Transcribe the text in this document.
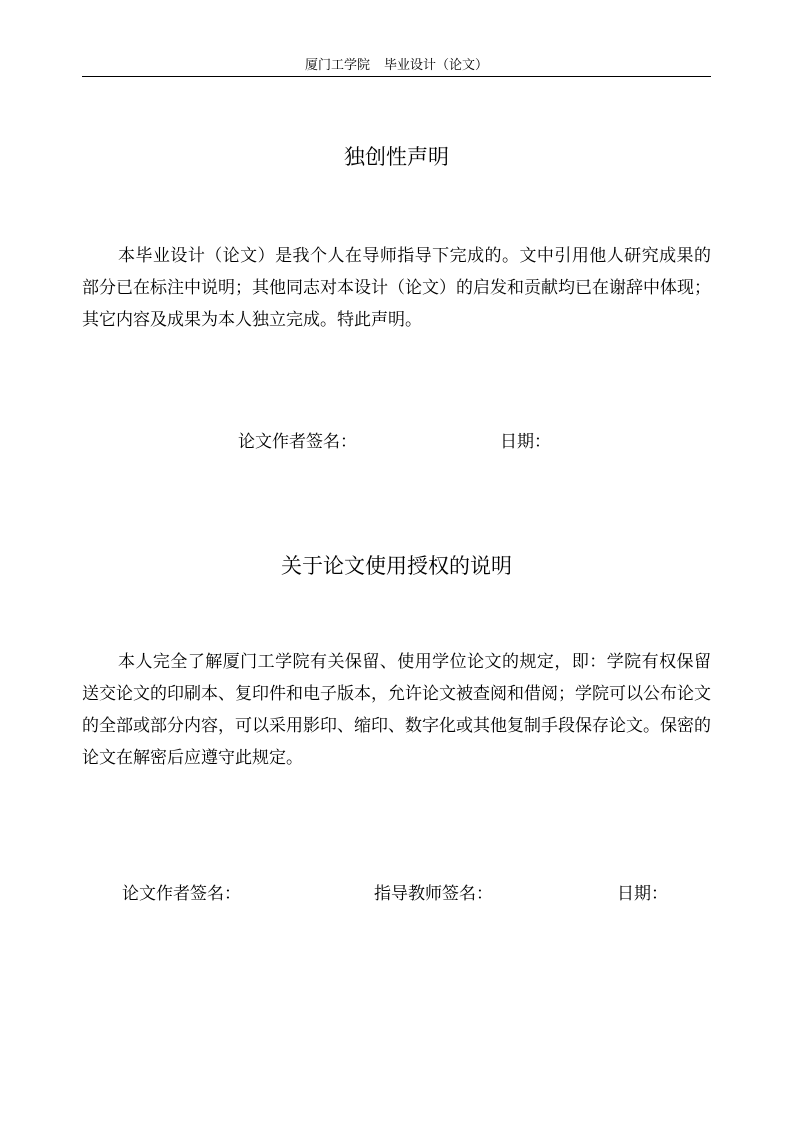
厦门工学院 毕业设计（论文）
独创性声明

本毕业设计（论文）是我个人在导师指导下完成的。文中引用他人研究成果的部分已在标注中说明；其他同志对本设计（论文）的启发和贡献均已在谢辞中体现；其它内容及成果为本人独立完成。特此声明。

论文作者签名：	日期：
关于论文使用授权的说明

本人完全了解厦门工学院有关保留、使用学位论文的规定，即：学院有权保留送交论文的印刷本、复印件和电子版本，允许论文被查阅和借阅；学院可以公布论文的全部或部分内容，可以采用影印、缩印、数字化或其他复制手段保存论文。保密的论文在解密后应遵守此规定。

论文作者签名：	指导教师签名：	日期：
